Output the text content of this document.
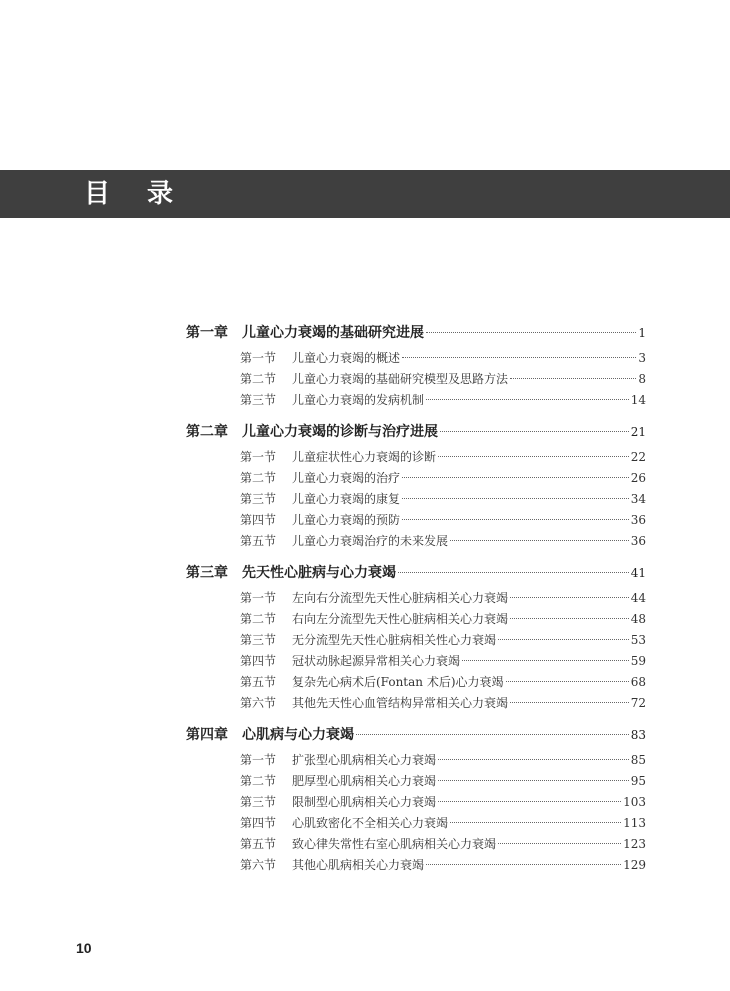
目 录
第一章	儿童心力衰竭的基础研究进展	1
第一节	儿童心力衰竭的概述	3
第二节	儿童心力衰竭的基础研究模型及思路方法	8
第三节	儿童心力衰竭的发病机制	14
第二章	儿童心力衰竭的诊断与治疗进展	21
第一节	儿童症状性心力衰竭的诊断	22
第二节	儿童心力衰竭的治疗	26
第三节	儿童心力衰竭的康复	34
第四节	儿童心力衰竭的预防	36
第五节	儿童心力衰竭治疗的未来发展	36
第三章	先天性心脏病与心力衰竭	41
第一节	左向右分流型先天性心脏病相关心力衰竭	44
第二节	右向左分流型先天性心脏病相关心力衰竭	48
第三节	无分流型先天性心脏病相关性心力衰竭	53
第四节	冠状动脉起源异常相关心力衰竭	59
第五节	复杂先心病术后(Fontan 术后)心力衰竭	68
第六节	其他先天性心血管结构异常相关心力衰竭	72
第四章	心肌病与心力衰竭	83
第一节	扩张型心肌病相关心力衰竭	85
第二节	肥厚型心肌病相关心力衰竭	95
第三节	限制型心肌病相关心力衰竭	103
第四节	心肌致密化不全相关心力衰竭	113
第五节	致心律失常性右室心肌病相关心力衰竭	123
第六节	其他心肌病相关心力衰竭	129
10
